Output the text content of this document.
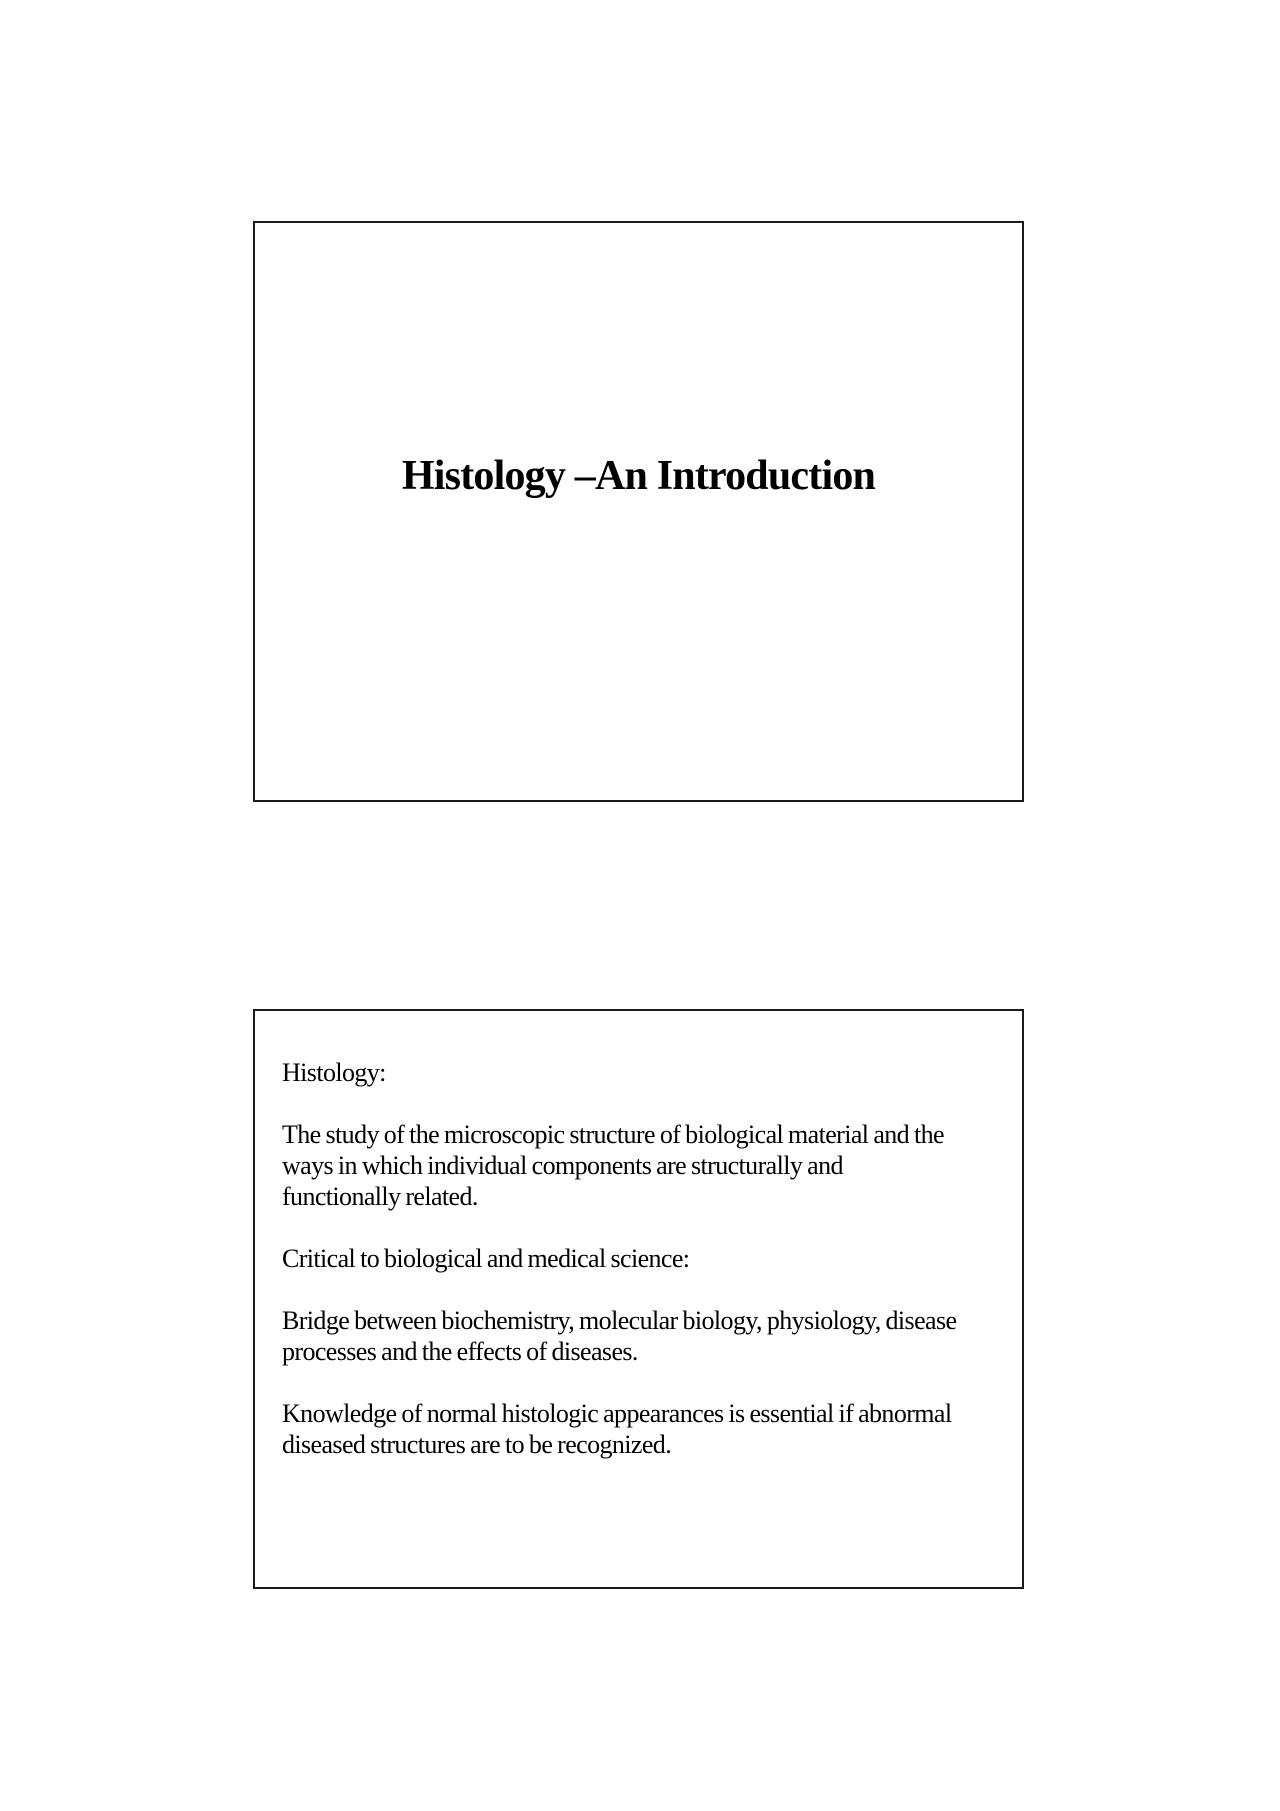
Histology –An Introduction

Histology:

The study of the microscopic structure of biological material and the
ways in which individual components are structurally and
functionally related.

Critical to biological and medical science:

Bridge between biochemistry, molecular biology, physiology, disease
processes and the effects of diseases.

Knowledge of normal histologic appearances is essential if abnormal
diseased structures are to be recognized.
